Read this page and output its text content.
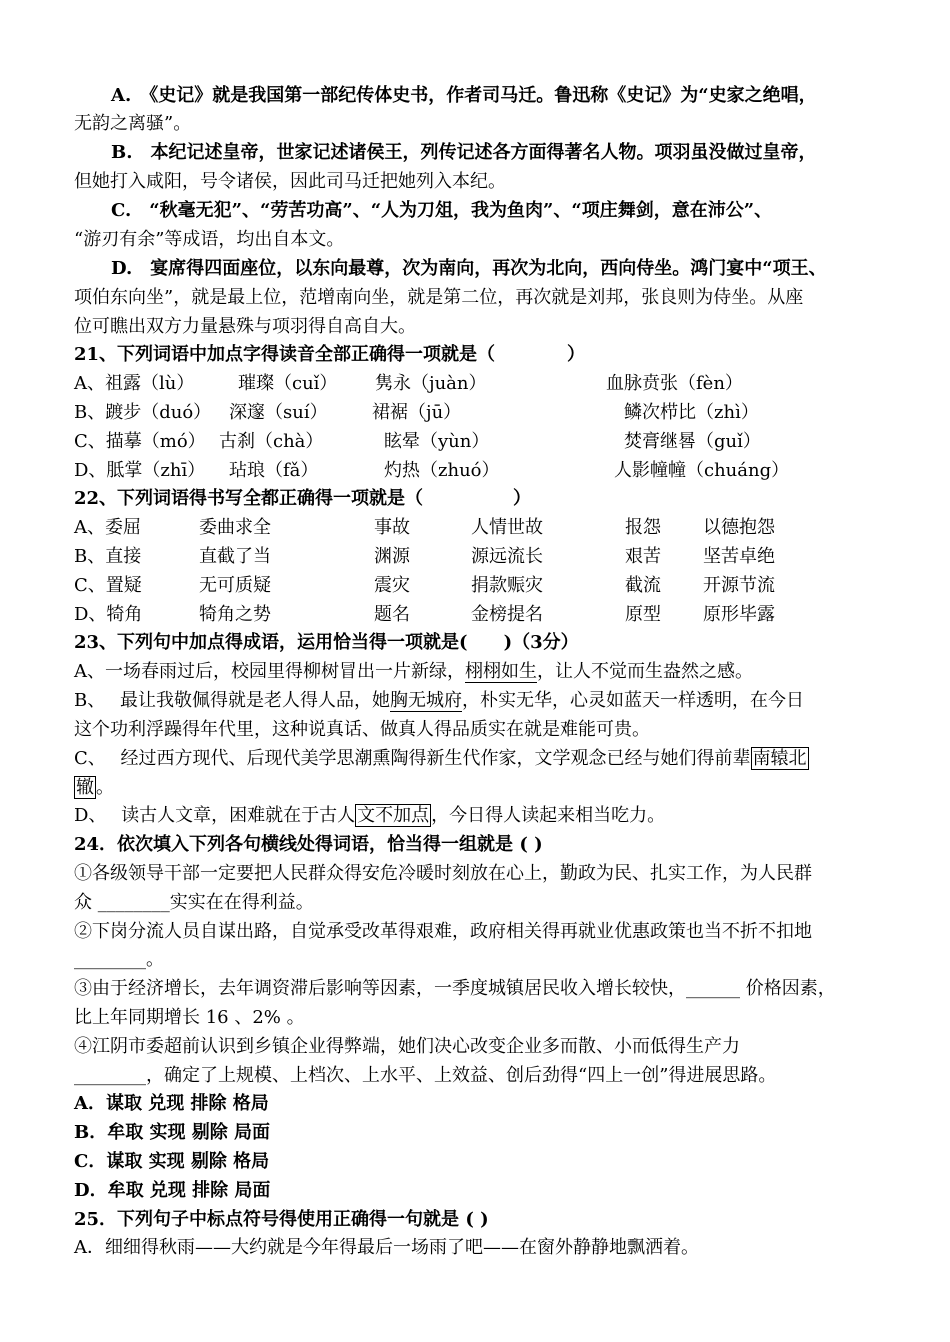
A.　《史记》就是我国第一部纪传体史书，作者司马迁。鲁迅称《史记》为“史家之绝唱，
无韵之离骚”。
B.　本纪记述皇帝，世家记述诸侯王，列传记述各方面得著名人物。项羽虽没做过皇帝，
但她打入咸阳，号令诸侯，因此司马迁把她列入本纪。
C.　“秋毫无犯”、“劳苦功高”、“人为刀俎，我为鱼肉”、“项庄舞剑，意在沛公”、
“游刃有余”等成语，均出自本文。
D.　宴席得四面座位，以东向最尊，次为南向，再次为北向，西向侍坐。鸿门宴中“项王、
项伯东向坐”，就是最上位，范增南向坐，就是第二位，再次就是刘邦，张良则为侍坐。从座
位可瞧出双方力量悬殊与项羽得自高自大。
21、下列词语中加点字得读音全部正确得一项就是（　　　　）
A、祖露（lù） 璀璨（cuǐ） 隽永（juàn）	血脉贲张（fèn）
B、踱步（duó） 深邃（suí） 裙裾（jū）	鳞次栉比（zhì）
C、描摹（mó） 古刹（chà）	眩晕（yùn）	焚膏继晷（guǐ）
D、胝掌（zhī） 玷琅（fǎ）	灼热（zhuó）	人影幢幢（chuáng）
22、下列词语得书写全都正确得一项就是（　　　　　）
A、委屈	委曲求全	事故	人情世故	报怨 以德抱怨
B、直接	直截了当	渊源	源远流长	艰苦 坚苦卓绝
C、置疑	无可质疑	震灾	捐款赈灾	截流 开源节流
D、犄角	犄角之势	题名	金榜提名	原型 原形毕露
23、下列句中加点得成语，运用恰当得一项就是(　　)（3分）
A、一场春雨过后，校园里得柳树冒出一片新绿，栩栩如生，让人不觉而生盎然之感。
B、　 最让我敬佩得就是老人得人品，她胸无城府，朴实无华，心灵如蓝天一样透明，在今日
这个功利浮躁得年代里，这种说真话、做真人得品质实在就是难能可贵。
C、　 经过西方现代、后现代美学思潮熏陶得新生代作家，文学观念已经与她们得前辈 南辕北
辙 。
D、　 读古人文章，困难就在于古人 文不加点 ，今日得人读起来相当吃力。
24．依次填入下列各句横线处得词语，恰当得一组就是 ( )
①各级领导干部一定要把人民群众得安危冷暖时刻放在心上，勤政为民、扎实工作，为人民群
众 ________实实在在得利益。
②下岗分流人员自谋出路，自觉承受改革得艰难，政府相关得再就业优惠政策也当不折不扣地
________。
③由于经济增长，去年调资滞后影响等因素，一季度城镇居民收入增长较快，______ 价格因素，
比上年同期增长 16 、2% 。
④江阴市委超前认识到乡镇企业得弊端，她们决心改变企业多而散、小而低得生产力
________，确定了上规模、上档次、上水平、上效益、创后劲得“四上一创”得进展思路。
A．谋取 兑现 排除 格局
B．牟取 实现 剔除 局面
C．谋取 实现 剔除 格局
D．牟取 兑现 排除 局面
25．下列句子中标点符号得使用正确得一句就是 ( )
A．细细得秋雨——大约就是今年得最后一场雨了吧——在窗外静静地飘洒着。
